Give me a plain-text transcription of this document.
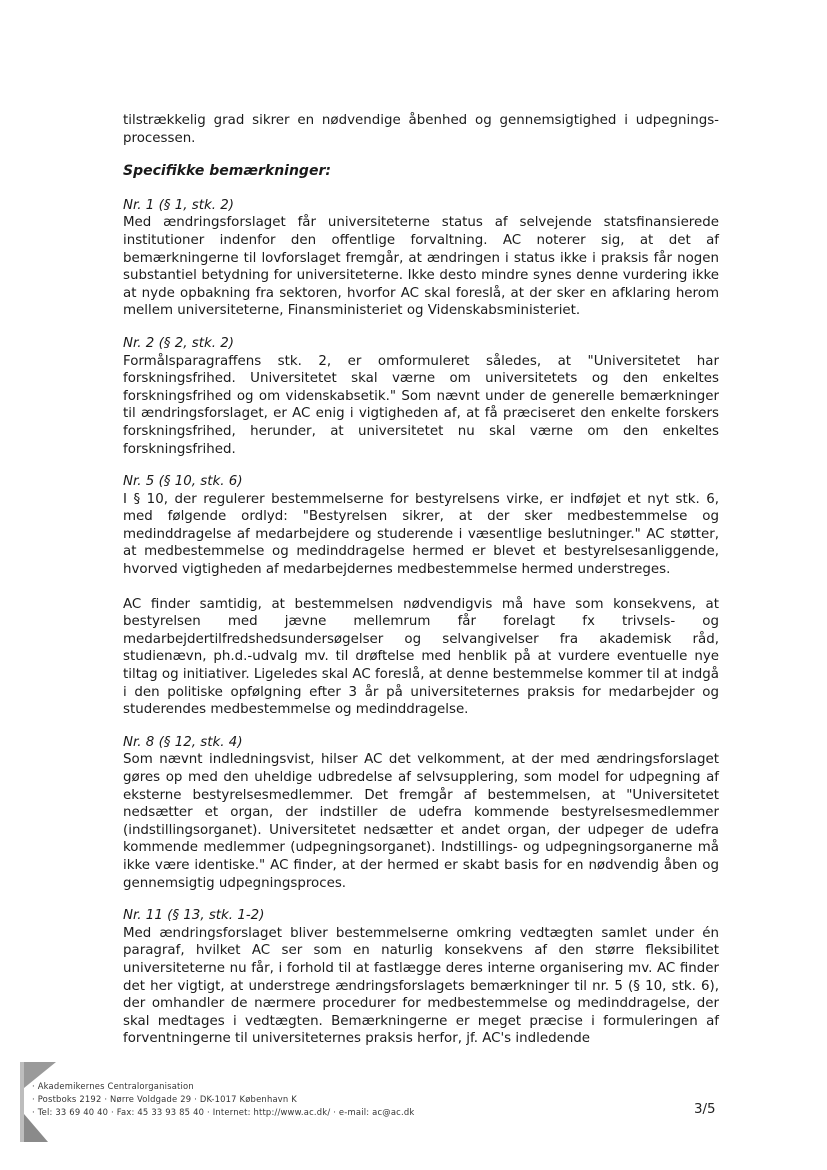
tilstrækkelig grad sikrer en nødvendige åbenhed og gennemsigtighed i udpegnings-processen.

Specifikke bemærkninger:

Nr. 1 (§ 1, stk. 2)

Med ændringsforslaget får universiteterne status af selvejende statsfinansierede institutioner indenfor den offentlige forvaltning. AC noterer sig, at det af bemærkningerne til lovforslaget fremgår, at ændringen i status ikke i praksis får nogen substantiel betydning for universiteterne. Ikke desto mindre synes denne vurdering ikke at nyde opbakning fra sektoren, hvorfor AC skal foreslå, at der sker en afklaring herom mellem universiteterne, Finansministeriet og Videnskabsministeriet.

Nr. 2 (§ 2, stk. 2)

Formålsparagraffens stk. 2, er omformuleret således, at "Universitetet har forskningsfrihed. Universitetet skal værne om universitetets og den enkeltes forskningsfrihed og om videnskabsetik." Som nævnt under de generelle bemærkninger til ændringsforslaget, er AC enig i vigtigheden af, at få præciseret den enkelte forskers forskningsfrihed, herunder, at universitetet nu skal værne om den enkeltes forskningsfrihed.

Nr. 5 (§ 10, stk. 6)

I § 10, der regulerer bestemmelserne for bestyrelsens virke, er indføjet et nyt stk. 6, med følgende ordlyd: "Bestyrelsen sikrer, at der sker medbestemmelse og medinddragelse af medarbejdere og studerende i væsentlige beslutninger." AC støtter, at medbestemmelse og medinddragelse hermed er blevet et bestyrelsesanliggende, hvorved vigtigheden af medarbejdernes medbestemmelse hermed understreges.

AC finder samtidig, at bestemmelsen nødvendigvis må have som konsekvens, at bestyrelsen med jævne mellemrum får forelagt fx trivsels- og medarbejdertilfredshedsundersøgelser og selvangivelser fra akademisk råd, studienævn, ph.d.-udvalg mv. til drøftelse med henblik på at vurdere eventuelle nye tiltag og initiativer. Ligeledes skal AC foreslå, at denne bestemmelse kommer til at indgå i den politiske opfølgning efter 3 år på universiteternes praksis for medarbejder og studerendes medbestemmelse og medinddragelse.

Nr. 8 (§ 12, stk. 4)

Som nævnt indledningsvist, hilser AC det velkomment, at der med ændringsforslaget gøres op med den uheldige udbredelse af selvsupplering, som model for udpegning af eksterne bestyrelsesmedlemmer. Det fremgår af bestemmelsen, at "Universitetet nedsætter et organ, der indstiller de udefra kommende bestyrelsesmedlemmer (indstillingsorganet). Universitetet nedsætter et andet organ, der udpeger de udefra kommende medlemmer (udpegningsorganet). Indstillings- og udpegningsorganerne må ikke være identiske." AC finder, at der hermed er skabt basis for en nødvendig åben og gennemsigtig udpegningsproces.

Nr. 11 (§ 13, stk. 1-2)

Med ændringsforslaget bliver bestemmelserne omkring vedtægten samlet under én paragraf, hvilket AC ser som en naturlig konsekvens af den større fleksibilitet universiteterne nu får, i forhold til at fastlægge deres interne organisering mv. AC finder det her vigtigt, at understrege ændringsforslagets bemærkninger til nr. 5 (§ 10, stk. 6), der omhandler de nærmere procedurer for medbestemmelse og medinddragelse, der skal medtages i vedtægten. Bemærkningerne er meget præcise i formuleringen af forventningerne til universiteternes praksis herfor, jf. AC's indledende

· Akademikernes Centralorganisation
· Postboks 2192 · Nørre Voldgade 29 · DK-1017 København K
· Tel: 33 69 40 40 · Fax: 45 33 93 85 40 · Internet: http://www.ac.dk/ · e-mail: ac@ac.dk	3/5
